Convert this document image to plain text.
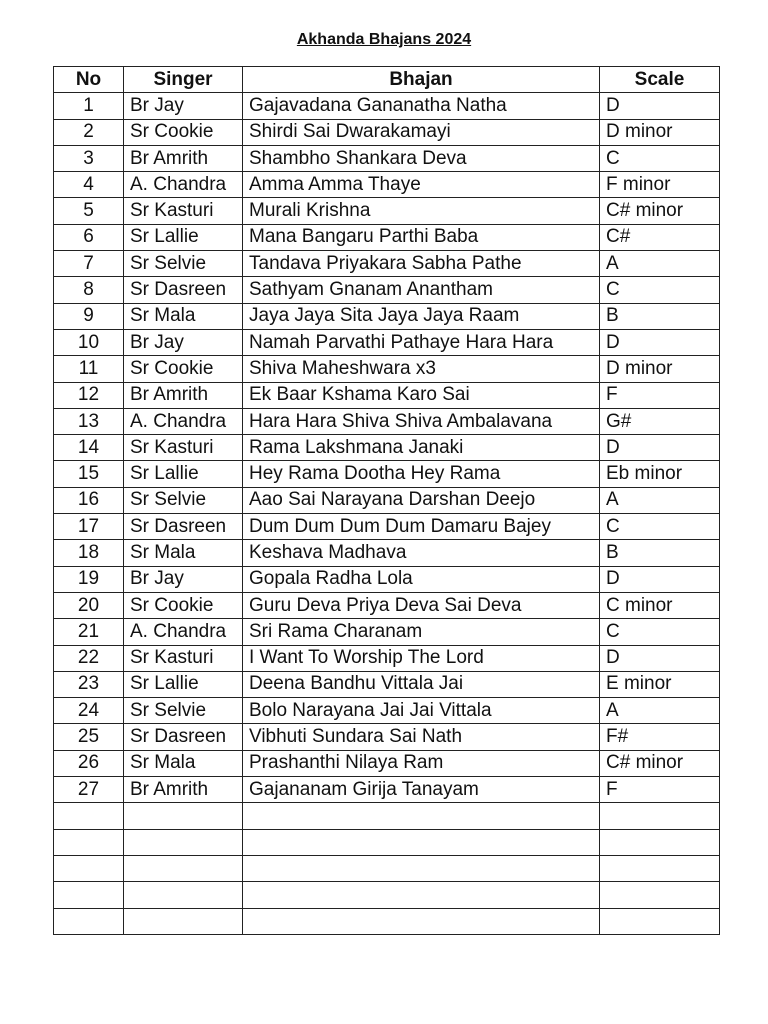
Akhanda Bhajans 2024
No	Singer	Bhajan	Scale
1	Br Jay	Gajavadana Gananatha Natha	D
2	Sr Cookie	Shirdi Sai Dwarakamayi	D minor
3	Br Amrith	Shambho Shankara Deva	C
4	A. Chandra	Amma Amma Thaye	F minor
5	Sr Kasturi	Murali Krishna	C# minor
6	Sr Lallie	Mana Bangaru Parthi Baba	C#
7	Sr Selvie	Tandava Priyakara Sabha Pathe	A
8	Sr Dasreen	Sathyam Gnanam Anantham	C
9	Sr Mala	Jaya Jaya Sita Jaya Jaya Raam	B
10	Br Jay	Namah Parvathi Pathaye Hara Hara	D
11	Sr Cookie	Shiva Maheshwara x3	D minor
12	Br Amrith	Ek Baar Kshama Karo Sai	F
13	A. Chandra	Hara Hara Shiva Shiva Ambalavana	G#
14	Sr Kasturi	Rama Lakshmana Janaki	D
15	Sr Lallie	Hey Rama Dootha Hey Rama	Eb minor
16	Sr Selvie	Aao Sai Narayana Darshan Deejo	A
17	Sr Dasreen	Dum Dum Dum Dum Damaru Bajey	C
18	Sr Mala	Keshava Madhava	B
19	Br Jay	Gopala Radha Lola	D
20	Sr Cookie	Guru Deva Priya Deva Sai Deva	C minor
21	A. Chandra	Sri Rama Charanam	C
22	Sr Kasturi	I Want To Worship The Lord	D
23	Sr Lallie	Deena Bandhu Vittala Jai	E minor
24	Sr Selvie	Bolo Narayana Jai Jai Vittala	A
25	Sr Dasreen	Vibhuti Sundara Sai Nath	F#
26	Sr Mala	Prashanthi Nilaya Ram	C# minor
27	Br Amrith	Gajananam Girija Tanayam	F
